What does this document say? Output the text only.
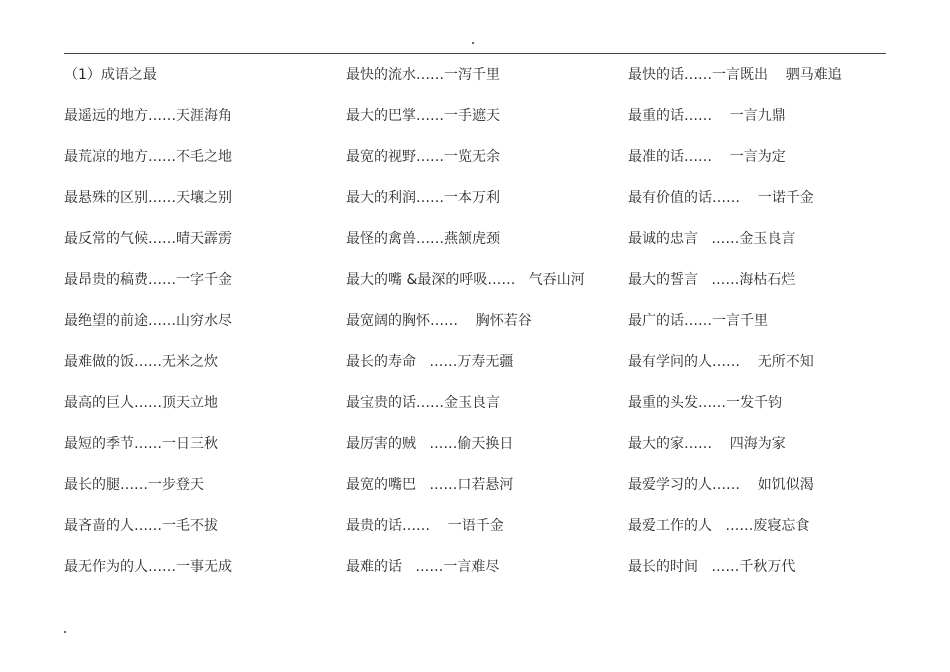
（1）成语之最
最遥远的地方……天涯海角
最荒凉的地方……不毛之地
最悬殊的区别……天壤之别
最反常的气候……晴天霹雳
最昂贵的稿费……一字千金
最绝望的前途……山穷水尽
最难做的饭……无米之炊
最高的巨人……顶天立地
最短的季节……一日三秋
最长的腿……一步登天
最吝啬的人……一毛不拔
最无作为的人……一事无成
最快的流水……一泻千里
最大的巴掌……一手遮天
最宽的视野……一览无余
最大的利润……一本万利
最怪的禽兽……燕颔虎颈
最大的嘴 &最深的呼吸……   气吞山河
最宽阔的胸怀……    胸怀若谷
最长的寿命   ……万寿无疆
最宝贵的话……金玉良言
最厉害的贼   ……偷天换日
最宽的嘴巴   ……口若悬河
最贵的话……    一语千金
最难的话   ……一言难尽
最快的话……一言既出    驷马难追
最重的话……    一言九鼎
最准的话……    一言为定
最有价值的话……    一诺千金
最诚的忠言   ……金玉良言
最大的誓言   ……海枯石烂
最广的话……一言千里
最有学问的人……    无所不知
最重的头发……一发千钧
最大的家……    四海为家
最爱学习的人……    如饥似渴
最爱工作的人   ……废寝忘食
最长的时间   ……千秋万代
